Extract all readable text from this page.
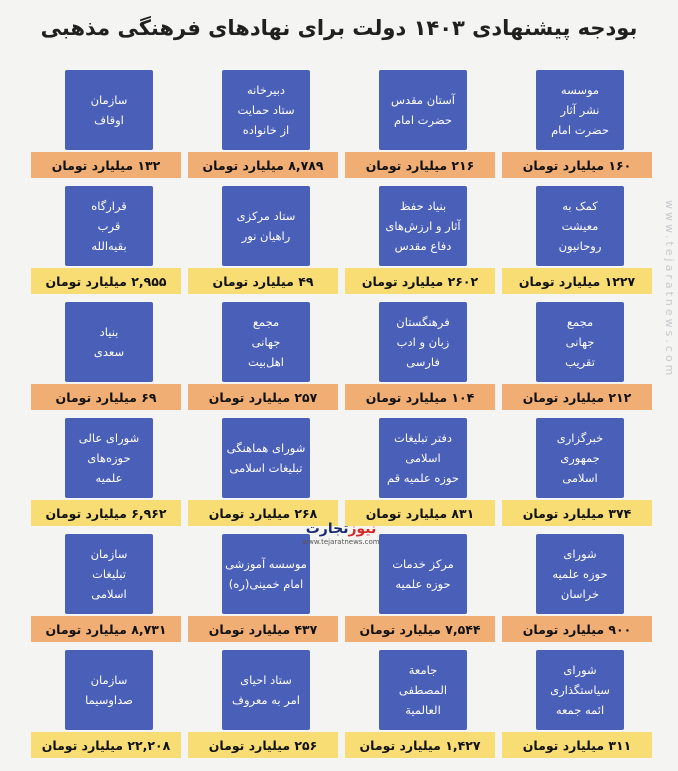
بودجه پیشنهادی ۱۴۰۳ دولت برای نهادهای فرهنگی مذهبی
موسسه
نشر آثار
حضرت امام
۱۶۰ میلیارد تومان
آستان مقدس
حضرت امام
۲۱۶ میلیارد تومان
دبیرخانه
ستاد حمایت
از خانواده
۸,۷۸۹ میلیارد تومان
سازمان
اوقاف
۱۳۲ میلیارد تومان
کمک به
معیشت
روحانیون
۱۲۲۷ میلیارد تومان
بنیاد حفظ
آثار و ارزش‌های
دفاع مقدس
۲۶۰۲ میلیارد تومان
ستاد مرکزی
راهیان نور
۴۹ میلیارد تومان
قرارگاه
قرب
بقیه‌الله
۲,۹۵۵ میلیارد تومان
مجمع
جهانی
تقریب
۲۱۲ میلیارد تومان
فرهنگستان
زبان و ادب
فارسی
۱۰۴ میلیارد تومان
مجمع
جهانی
اهل‌بیت
۲۵۷ میلیارد تومان
بنیاد
سعدی
۶۹ میلیارد تومان
خبرگزاری
جمهوری
اسلامی
۳۷۴ میلیارد تومان
دفتر تبلیغات
اسلامی
حوزه علمیه قم
۸۳۱ میلیارد تومان
شورای هماهنگی
تبلیغات اسلامی
۲۶۸ میلیارد تومان
شورای عالی
حوزه‌های
علمیه
۶,۹۶۲ میلیارد تومان
شورای
حوزه علمیه
خراسان
۹۰۰ میلیارد تومان
مرکز خدمات
حوزه علمیه
۷,۵۴۴ میلیارد تومان
موسسه آموزشی
امام خمینی(ره)
۴۳۷ میلیارد تومان
سازمان
تبلیغات
اسلامی
۸,۷۳۱ میلیارد تومان
شورای
سیاستگذاری
ائمه جمعه
۳۱۱ میلیارد تومان
جامعة
المصطفی
العالمیة
۱,۴۲۷ میلیارد تومان
ستاد احیای
امر به معروف
۲۵۶ میلیارد تومان
سازمان
صداوسیما
۲۲,۲۰۸ میلیارد تومان
نیوزتجارت
www.tejaratnews.com
www.tejaratnews.com
